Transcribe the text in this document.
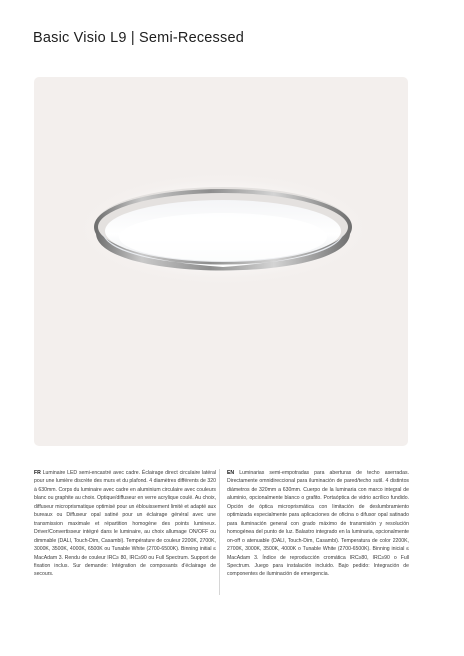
Basic Visio L9 | Semi-Recessed

FR Luminaire LED semi-encastré avec cadre. Éclairage direct circulaire latéral pour une lumière discrète des murs et du plafond. 4 diamètres différents de 320 à 630mm. Corps du luminaire avec cadre en aluminium circulaire avec couleurs blanc ou graphite au choix. Optique/diffuseur en verre acrylique coulé. Au choix, diffuseur microprismatique optimisé pour un éblouissement limité et adapté aux bureaux ou Diffuseur opal satiné pour un éclairage général avec une transmission maximale et répartition homogène des points lumineux. Driver/Convertisseur intégré dans le luminaire, au choix allumage ON/OFF ou dimmable (DALI, Touch-Dim, Casambi). Température de couleur 2200K, 2700K, 3000K, 3500K, 4000K, 6500K ou Tunable White (2700-6500K). Binning initial ≤ MacAdam 3. Rendu de couleur IRC≥ 80, IRC≥90 ou Full Spectrum. Support de fixation inclus. Sur demande: Intégration de composants d'éclairage de secours.

EN Luminarias semi-empotradas para aberturas de techo aserradas. Directamente omnidireccional para iluminación de pared/techo sutil. 4 distintos diámetros de 320mm a 630mm. Cuerpo de la luminaria con marco integral de aluminio, opcionalmente blanco o grafito. Portaóptica de vidrio acrílico fundido. Opción de óptica microprismática con limitación de deslumbramiento optimizada especialmente para aplicaciones de oficina o difusor opal satinado para iluminación general con grado máximo de transmisión y resolución homogénea del punto de luz. Balastro integrado en la luminaria, opcionalmente on-off o atenuable (DALI, Touch-Dim, Casambi). Temperatura de color 2200K, 2700K, 3000K, 3500K, 4000K o Tunable White (2700-6500K). Binning inicial ≤ MacAdam 3. Índice de reproducción cromática IRC≥80, IRC≥90 o Full Spectrum. Juego para instalación incluido. Bajo pedido: Integración de componentes de iluminación de emergencia.
